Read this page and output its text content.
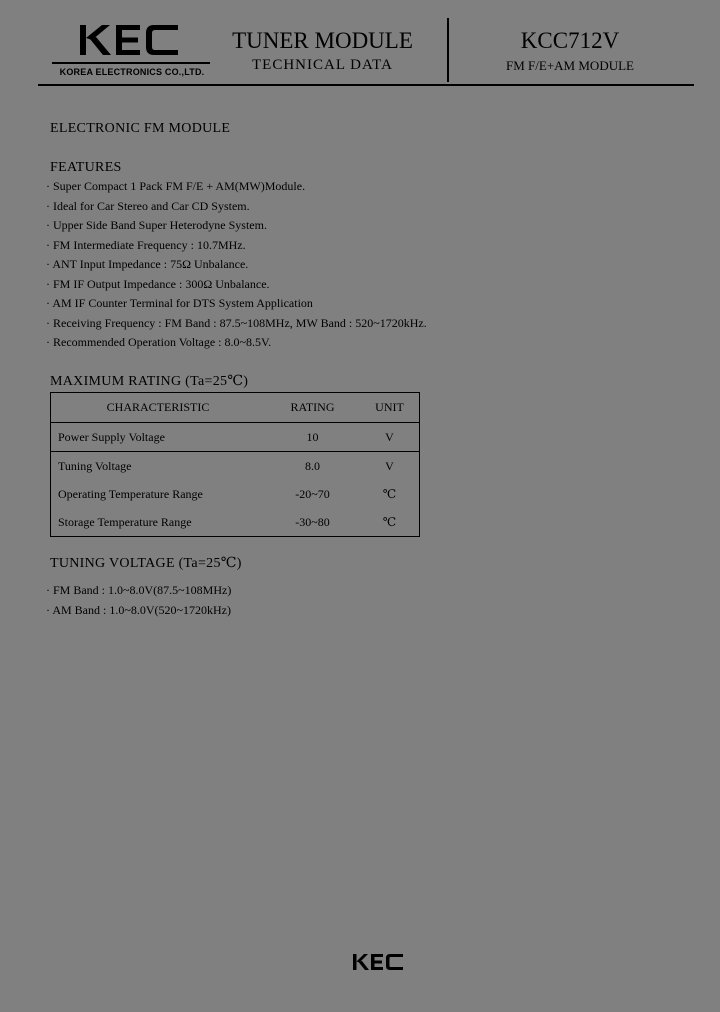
KOREA ELECTRONICS CO.,LTD.
TUNER MODULE
TECHNICAL DATA
KCC712V
FM F/E+AM MODULE
ELECTRONIC FM MODULE
FEATURES
· Super Compact 1 Pack FM F/E + AM(MW)Module.
· Ideal for Car Stereo and Car CD System.
· Upper Side Band Super Heterodyne System.
· FM Intermediate Frequency : 10.7MHz.
· ANT Input Impedance : 75Ω Unbalance.
· FM IF Output Impedance : 300Ω Unbalance.
· AM IF Counter Terminal for DTS System Application
· Receiving Frequency : FM Band : 87.5~108MHz, MW Band : 520~1720kHz.
· Recommended Operation Voltage : 8.0~8.5V.
MAXIMUM RATING (Ta=25℃)
CHARACTERISTIC	RATING	UNIT
Power Supply Voltage	10	V
Tuning Voltage	8.0	V
Operating Temperature Range	-20~70	℃
Storage Temperature Range	-30~80	℃
TUNING VOLTAGE (Ta=25℃)
· FM Band : 1.0~8.0V(87.5~108MHz)
· AM Band : 1.0~8.0V(520~1720kHz)
